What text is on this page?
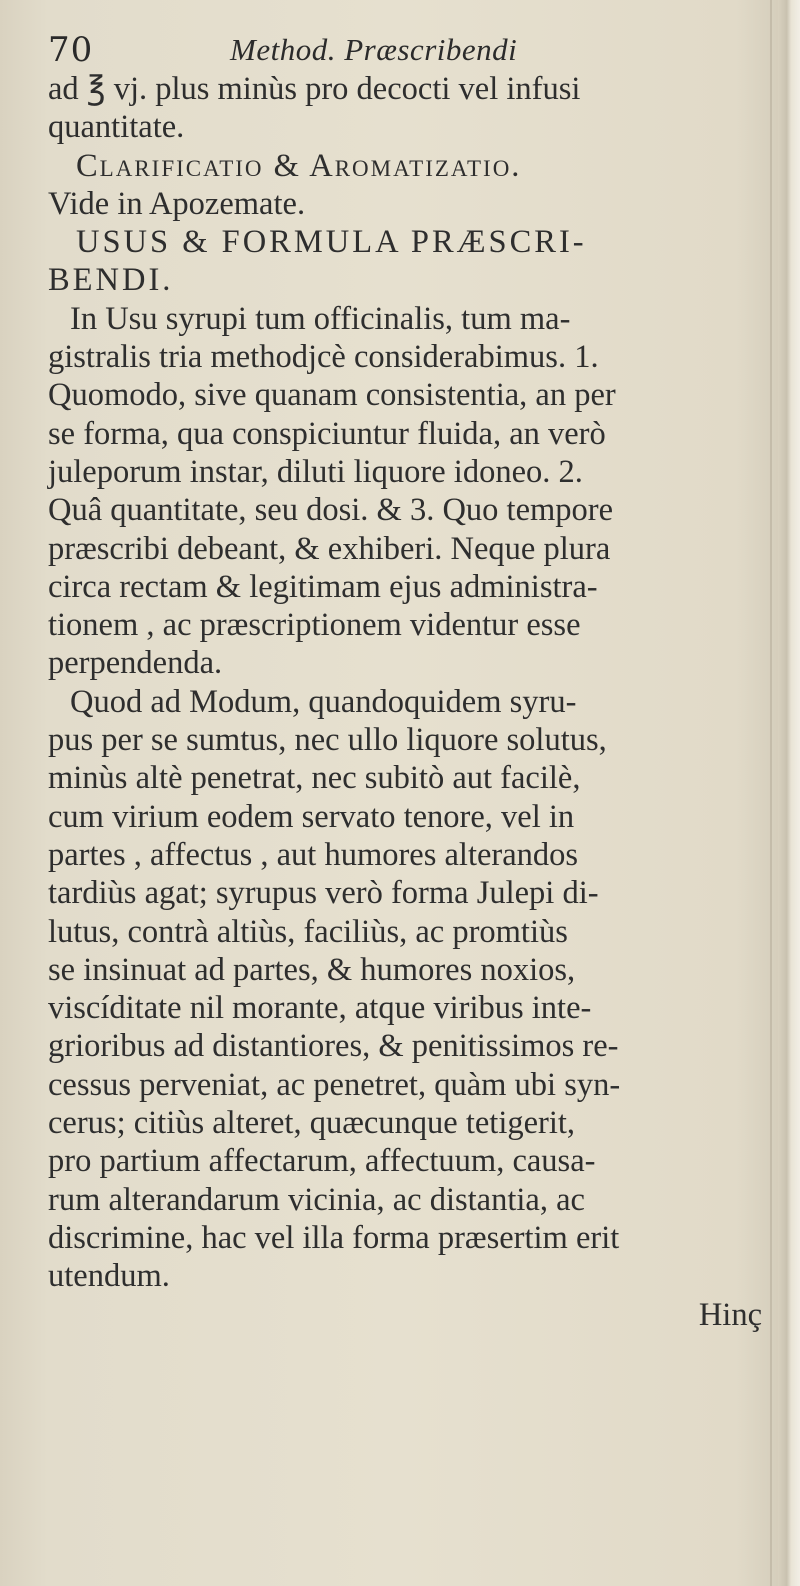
70	Method. Præscribendi
ad ℥ vj. plus minùs pro decocti vel infusi
quantitate.
Clarificatio & Aromatizatio.
Vide in Apozemate.
USUS & FORMULA PRÆSCRI-
BENDI.
In Usu syrupi tum officinalis, tum ma-
gistralis tria methodjcè considerabimus. 1.
Quomodo, sive quanam consistentia, an per
se forma, qua conspiciuntur fluida, an verò
juleporum instar, diluti liquore idoneo. 2.
Quâ quantitate, seu dosi. & 3. Quo tempore
præscribi debeant, & exhiberi. Neque plura
circa rectam & legitimam ejus administra-
tionem , ac præscriptionem videntur esse
perpendenda.
Quod ad Modum, quandoquidem syru-
pus per se sumtus, nec ullo liquore solutus,
minùs altè penetrat, nec subitò aut facilè,
cum virium eodem servato tenore, vel in
partes , affectus , aut humores alterandos
tardiùs agat; syrupus verò forma Julepi di-
lutus, contrà altiùs, faciliùs, ac promtiùs
se insinuat ad partes, & humores noxios,
viscíditate nil morante, atque viribus inte-
grioribus ad distantiores, & penitissimos re-
cessus perveniat, ac penetret, quàm ubi syn-
cerus; citiùs alteret, quæcunque tetigerit,
pro partium affectarum, affectuum, causa-
rum alterandarum vicinia, ac distantia, ac
discrimine, hac vel illa forma præsertim erit
utendum.
Hinç
